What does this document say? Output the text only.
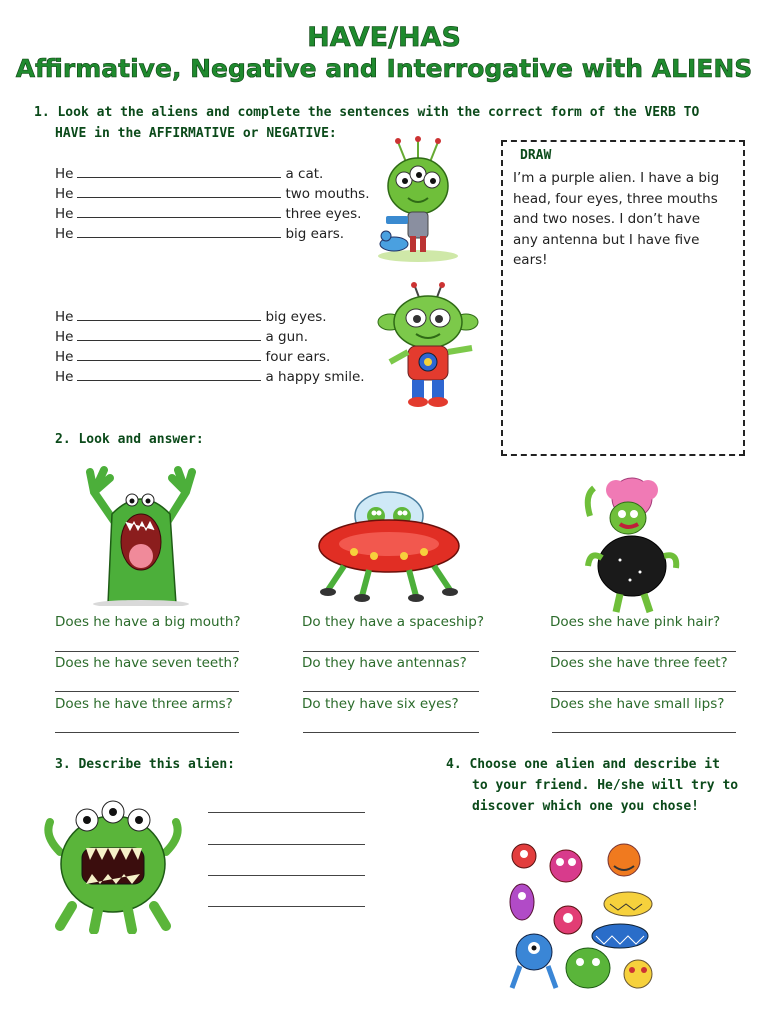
HAVE/HAS
Affirmative, Negative and Interrogative with ALIENS
1. Look at the aliens and complete the sentences with the correct form of the VERB TO
HAVE in the AFFIRMATIVE or NEGATIVE:
He	a cat.
He	two mouths.
He	three eyes.
He	big ears.
He	big eyes.
He	a gun.
He	four ears.
He	a happy smile.
DRAW
I’m a purple alien. I have a big
head, four eyes, three mouths
and two noses. I don’t have
any antenna but I have five
ears!
2. Look and answer:
Does he have a big mouth?
Does he have seven teeth?
Does he have three arms?
Do they have a spaceship?
Do they have antennas?
Do they have six eyes?
Does she have pink hair?
Does she have three feet?
Does she have small lips?
3. Describe this alien:	4. Choose one alien and describe it
to your friend. He/she will try to
discover which one you chose!
